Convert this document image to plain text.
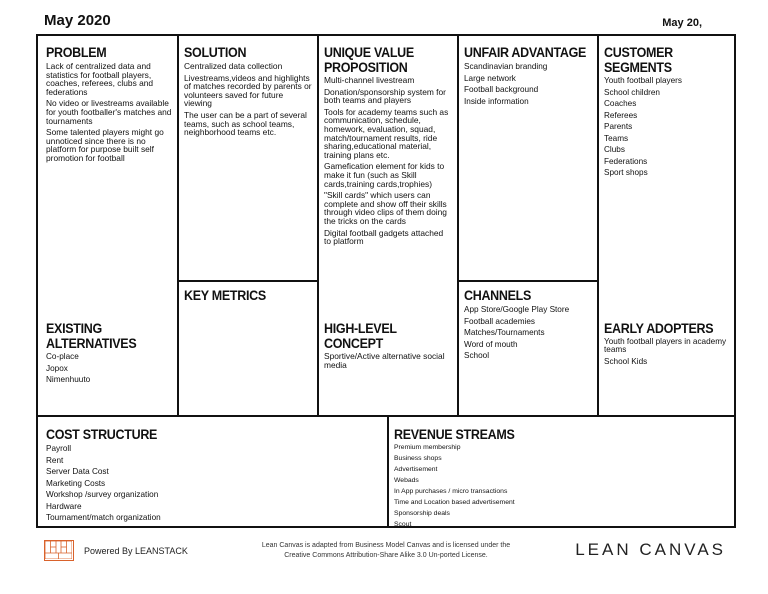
May 2020	May 20,
PROBLEM
Lack of centralized data and statistics for football players, coaches, referees, clubs and federations
No video or livestreams available for youth footballer's matches and tournaments
Some talented players might go unnoticed since there is no platform for purpose built self promotion for football
EXISTING ALTERNATIVES
Co-place
Jopox
Nimenhuuto
SOLUTION
Centralized data collection
Livestreams,videos and highlights of matches recorded by parents or volunteers saved for future viewing
The user can be a part of several teams, such as school teams, neighborhood teams etc.
KEY METRICS
UNIQUE VALUE PROPOSITION
Multi-channel livestream
Donation/sponsorship system for both teams and players
Tools for academy teams such as communication, schedule, homework, evaluation, squad, match/tournament results, ride sharing,educational material, training plans etc.
Gamefication element for kids to make it fun (such as Skill cards,training cards,trophies)
"Skill cards" which users can complete and show off their skills through video clips of them doing the tricks on the cards
Digital football gadgets attached to platform
HIGH-LEVEL CONCEPT
Sportive/Active alternative social media
UNFAIR ADVANTAGE
Scandinavian branding
Large network
Football background
Inside information
CHANNELS
App Store/Google Play Store
Football academies
Matches/Tournaments
Word of mouth
School
CUSTOMER SEGMENTS
Youth football players
School children
Coaches
Referees
Parents
Teams
Clubs
Federations
Sport shops
EARLY ADOPTERS
Youth football players in academy teams
School Kids
COST STRUCTURE
Payroll
Rent
Server Data Cost
Marketing Costs
Workshop /survey organization
Hardware
Tournament/match organization
REVENUE STREAMS
Premium membership
Business shops
Advertisement
Webads
In App purchases / micro transactions
Time and Location based advertisement
Sponsorship deals
Scout
Powered By LEANSTACK
Lean Canvas is adapted from Business Model Canvas and is licensed under the Creative Commons Attribution-Share Alike 3.0 Un-ported License.	LEAN CANVAS
